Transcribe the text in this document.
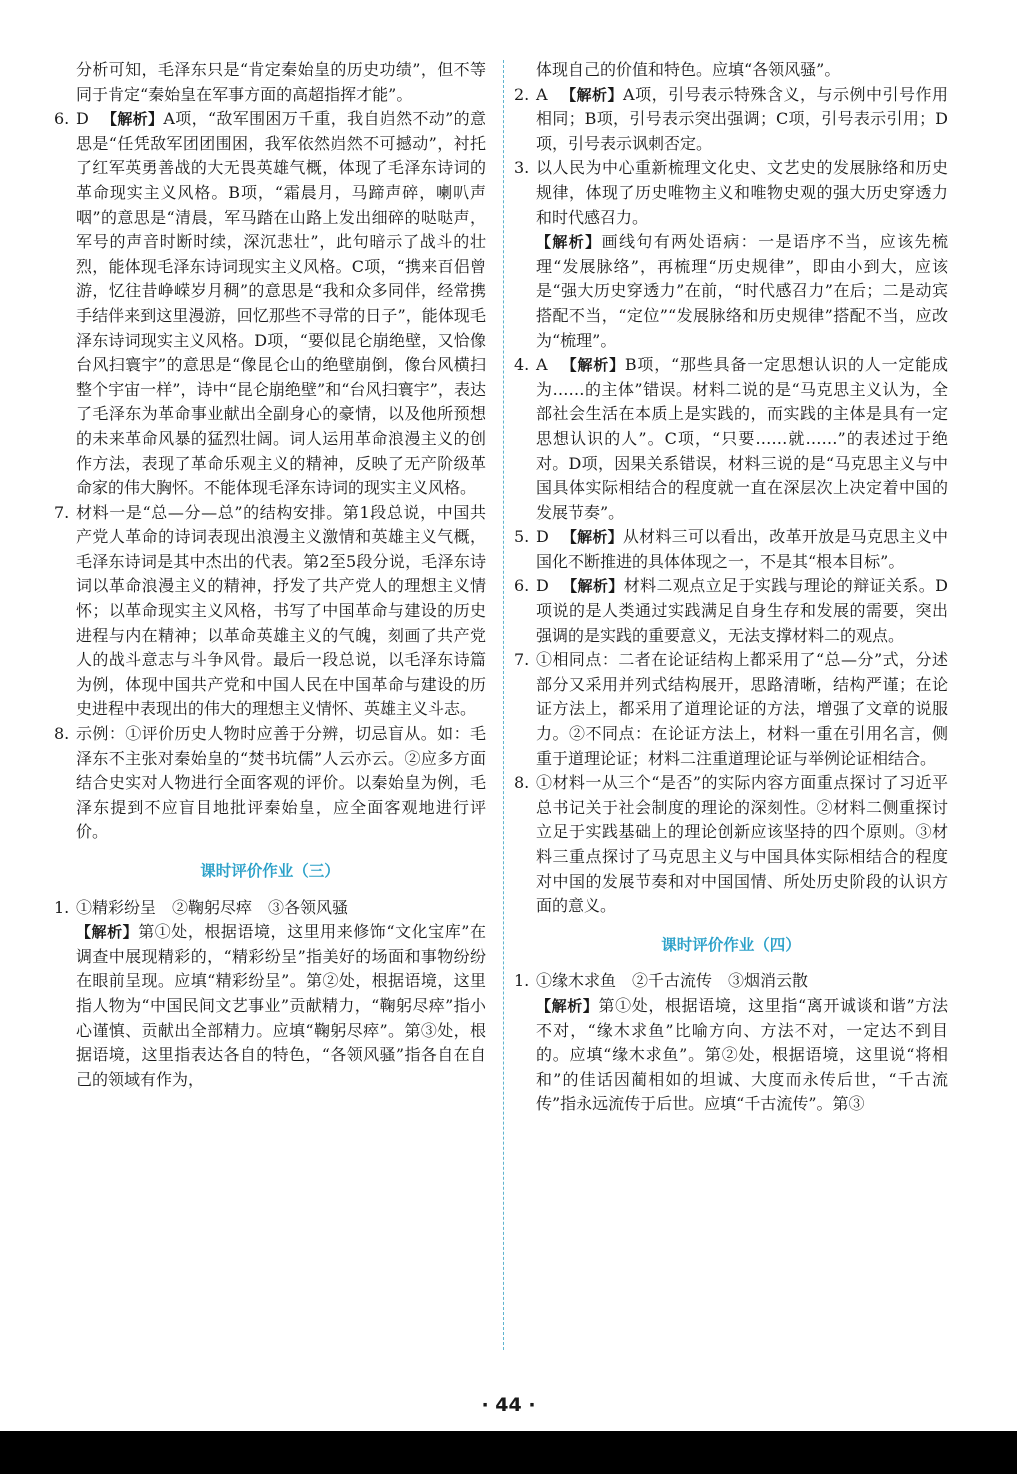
分析可知，毛泽东只是“肯定秦始皇的历史功绩”，但不等同于肯定“秦始皇在军事方面的高超指挥才能”。

6. D　 【解析】A项，“敌军围困万千重，我自岿然不动”的意思是“任凭敌军团团围困，我军依然岿然不可撼动”，衬托了红军英勇善战的大无畏英雄气概，体现了毛泽东诗词的革命现实主义风格。B项，“霜晨月，马蹄声碎，喇叭声咽”的意思是“清晨，军马踏在山路上发出细碎的哒哒声，军号的声音时断时续，深沉悲壮”，此句暗示了战斗的壮烈，能体现毛泽东诗词现实主义风格。C项，“携来百侣曾游，忆往昔峥嵘岁月稠”的意思是“我和众多同伴，经常携手结伴来到这里漫游，回忆那些不寻常的日子”，能体现毛泽东诗词现实主义风格。D项，“要似昆仑崩绝壁，又恰像台风扫寰宇”的意思是“像昆仑山的绝壁崩倒，像台风横扫整个宇宙一样”，诗中“昆仑崩绝壁”和“台风扫寰宇”，表达了毛泽东为革命事业献出全副身心的豪情，以及他所预想的未来革命风暴的猛烈壮阔。词人运用革命浪漫主义的创作方法，表现了革命乐观主义的精神，反映了无产阶级革命家的伟大胸怀。不能体现毛泽东诗词的现实主义风格。

7. 材料一是“总—分—总”的结构安排。第1段总说，中国共产党人革命的诗词表现出浪漫主义激情和英雄主义气概，毛泽东诗词是其中杰出的代表。第2至5段分说，毛泽东诗词以革命浪漫主义的精神，抒发了共产党人的理想主义情怀；以革命现实主义风格，书写了中国革命与建设的历史进程与内在精神；以革命英雄主义的气魄，刻画了共产党人的战斗意志与斗争风骨。最后一段总说，以毛泽东诗篇为例，体现中国共产党和中国人民在中国革命与建设的历史进程中表现出的伟大的理想主义情怀、英雄主义斗志。

8. 示例：①评价历史人物时应善于分辨，切忌盲从。如：毛泽东不主张对秦始皇的“焚书坑儒”人云亦云。②应多方面结合史实对人物进行全面客观的评价。以秦始皇为例，毛泽东提到不应盲目地批评秦始皇，应全面客观地进行评价。

课时评价作业（三）

1. ①精彩纷呈　②鞠躬尽瘁　③各领风骚

【解析】第①处，根据语境，这里用来修饰“文化宝库”在调查中展现精彩的，“精彩纷呈”指美好的场面和事物纷纷在眼前呈现。应填“精彩纷呈”。第②处，根据语境，这里指人物为“中国民间文艺事业”贡献精力，“鞠躬尽瘁”指小心谨慎、贡献出全部精力。应填“鞠躬尽瘁”。第③处，根据语境，这里指表达各自的特色，“各领风骚”指各自在自己的领域有作为，

体现自己的价值和特色。应填“各领风骚”。

2. A　 【解析】A项，引号表示特殊含义，与示例中引号作用相同；B项，引号表示突出强调；C项，引号表示引用；D项，引号表示讽刺否定。

3. 以人民为中心重新梳理文化史、文艺史的发展脉络和历史规律，体现了历史唯物主义和唯物史观的强大历史穿透力和时代感召力。

【解析】画线句有两处语病：一是语序不当，应该先梳理“发展脉络”，再梳理“历史规律”，即由小到大，应该是“强大历史穿透力”在前，“时代感召力”在后；二是动宾搭配不当，“定位”“发展脉络和历史规律”搭配不当，应改为“梳理”。

4. A　 【解析】B项，“那些具备一定思想认识的人一定能成为……的主体”错误。材料二说的是“马克思主义认为，全部社会生活在本质上是实践的，而实践的主体是具有一定思想认识的人”。C项，“只要……就……”的表述过于绝对。D项，因果关系错误，材料三说的是“马克思主义与中国具体实际相结合的程度就一直在深层次上决定着中国的发展节奏”。

5. D　 【解析】从材料三可以看出，改革开放是马克思主义中国化不断推进的具体体现之一，不是其“根本目标”。

6. D　 【解析】材料二观点立足于实践与理论的辩证关系。D项说的是人类通过实践满足自身生存和发展的需要，突出强调的是实践的重要意义，无法支撑材料二的观点。

7. ①相同点：二者在论证结构上都采用了“总—分”式，分述部分又采用并列式结构展开，思路清晰，结构严谨；在论证方法上，都采用了道理论证的方法，增强了文章的说服力。②不同点：在论证方法上，材料一重在引用名言，侧重于道理论证；材料二注重道理论证与举例论证相结合。

8. ①材料一从三个“是否”的实际内容方面重点探讨了习近平总书记关于社会制度的理论的深刻性。②材料二侧重探讨立足于实践基础上的理论创新应该坚持的四个原则。③材料三重点探讨了马克思主义与中国具体实际相结合的程度对中国的发展节奏和对中国国情、所处历史阶段的认识方面的意义。

课时评价作业（四）

1. ①缘木求鱼　②千古流传　③烟消云散

【解析】第①处，根据语境，这里指“离开诚谈和谐”方法不对，“缘木求鱼”比喻方向、方法不对，一定达不到目的。应填“缘木求鱼”。第②处，根据语境，这里说“将相和”的佳话因蔺相如的坦诚、大度而永传后世，“千古流传”指永远流传于后世。应填“千古流传”。第③

· 44 ·
